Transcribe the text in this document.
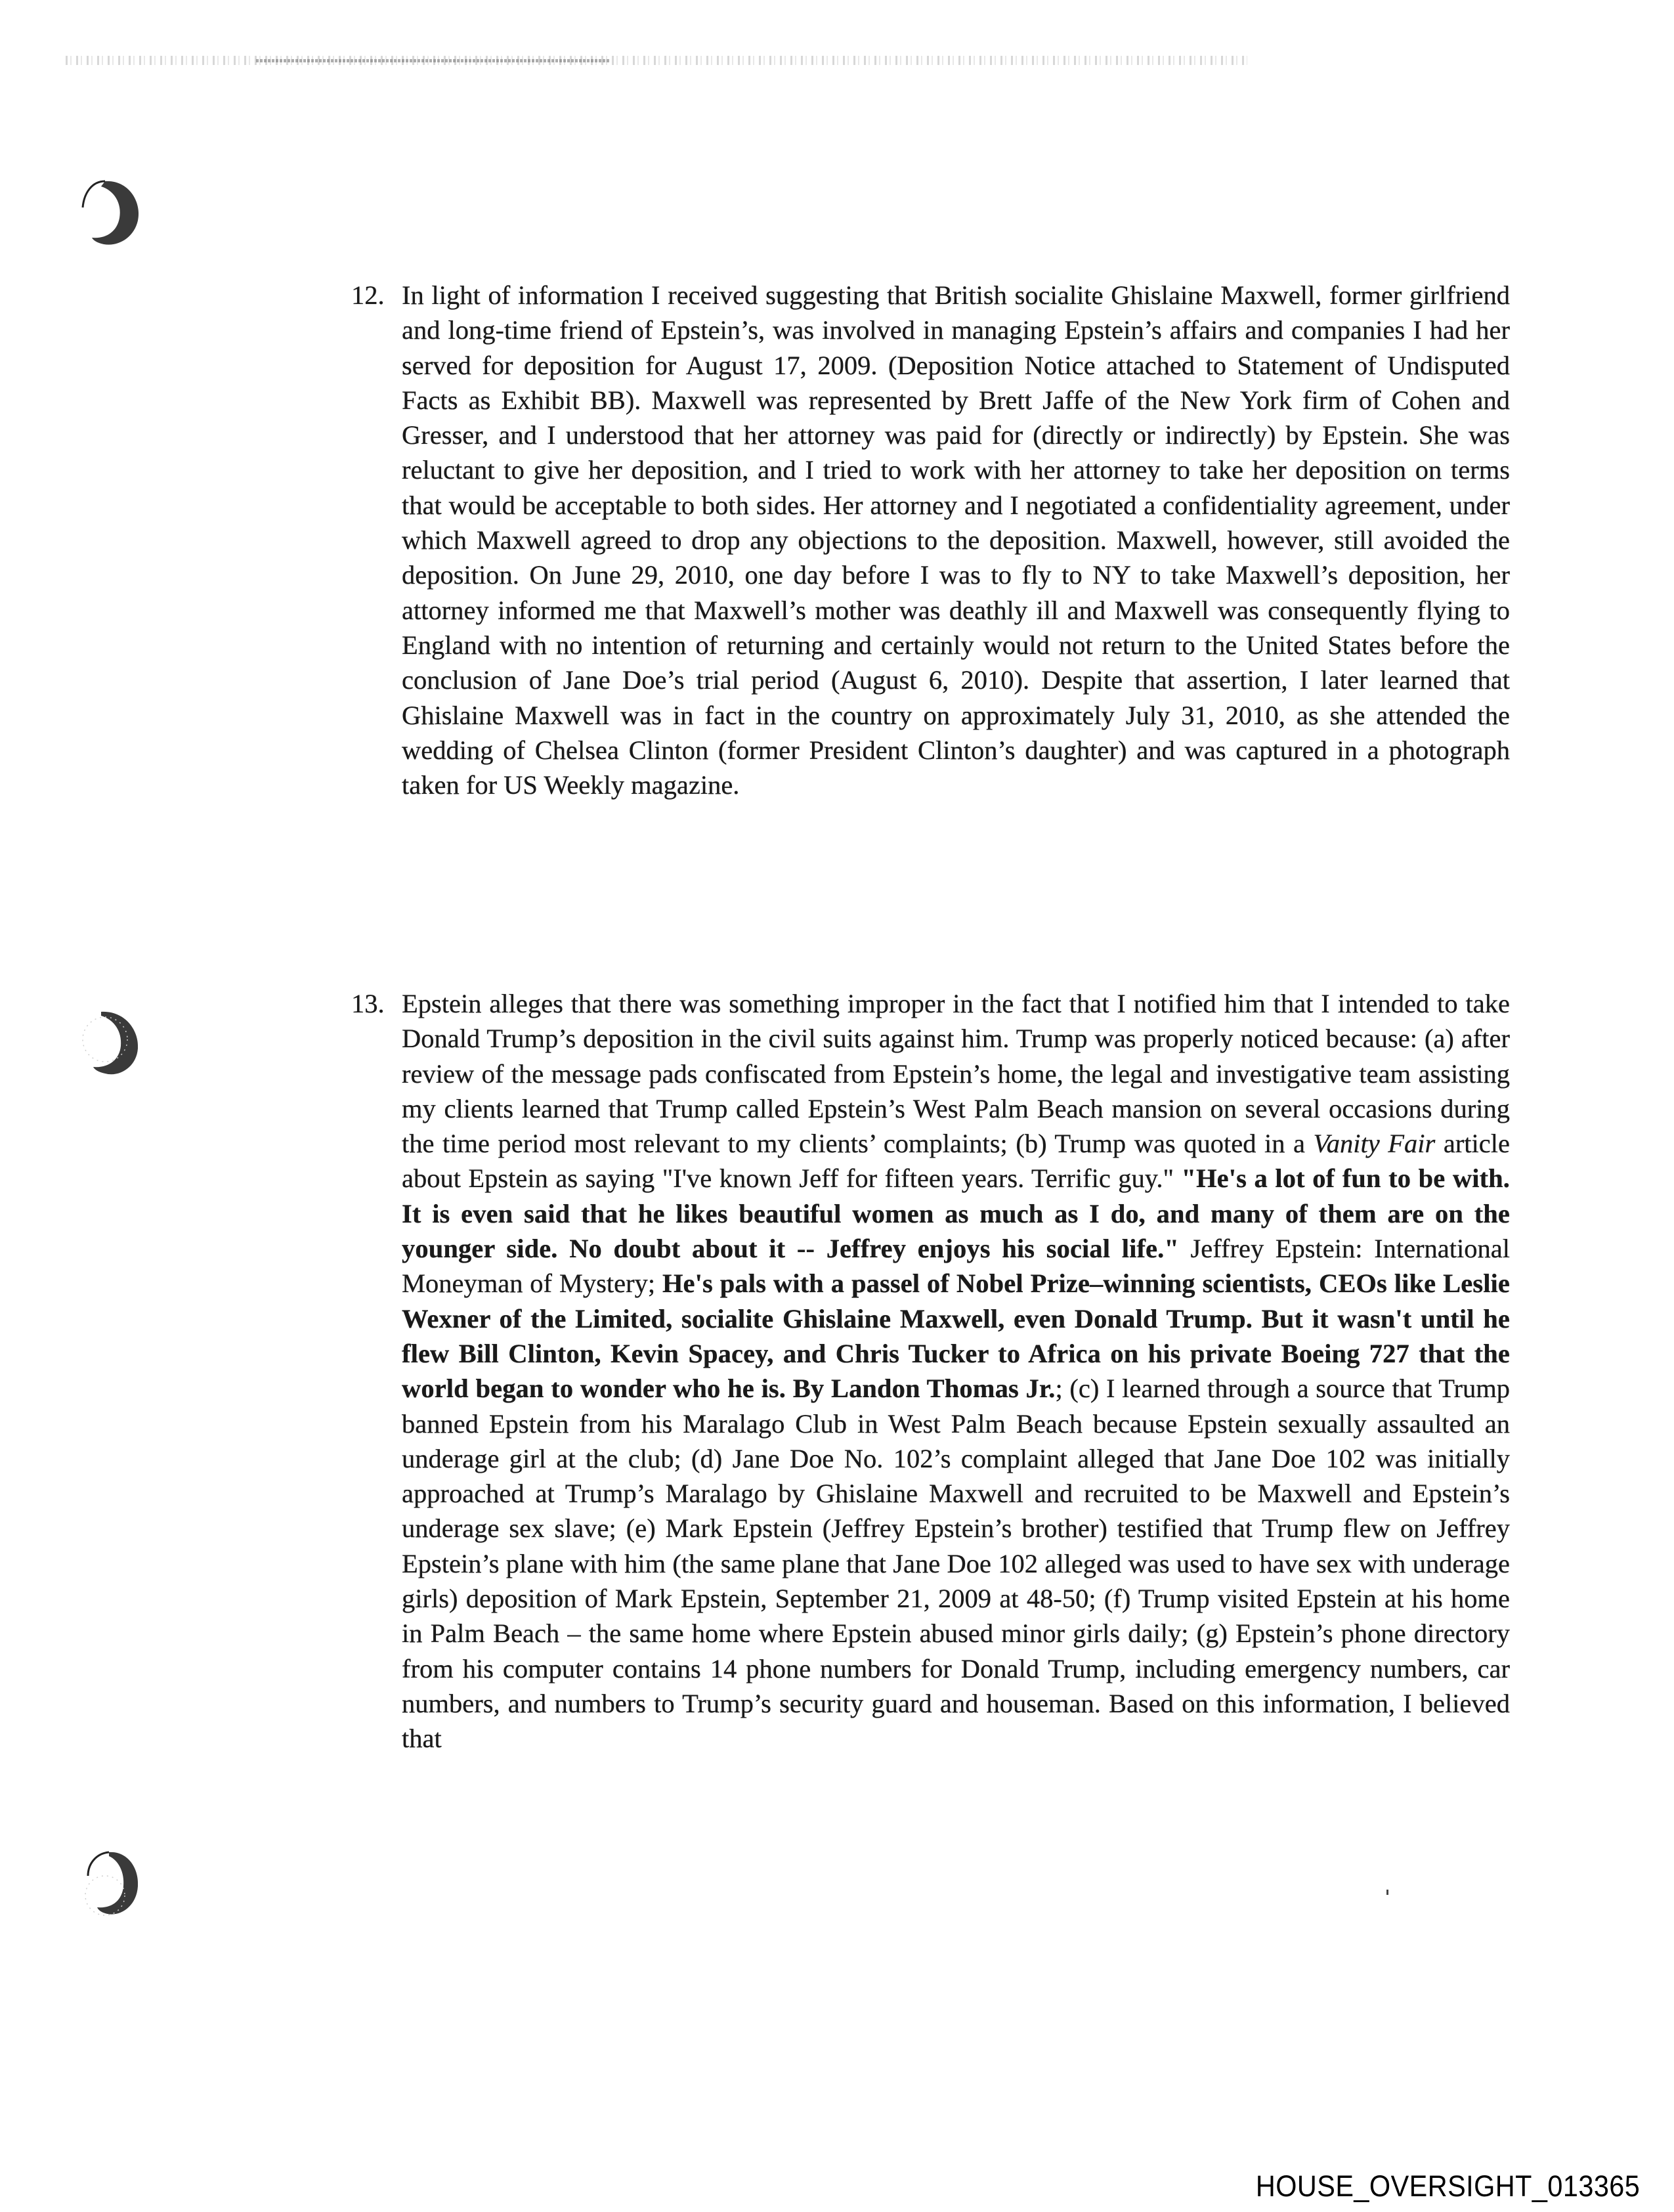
12. In light of information I received suggesting that British socialite Ghislaine Maxwell, former girlfriend and long-time friend of Epstein’s, was involved in managing Epstein’s affairs and companies I had her served for deposition for August 17, 2009. (Deposition Notice attached to Statement of Undisputed Facts as Exhibit BB). Maxwell was represented by Brett Jaffe of the New York firm of Cohen and Gresser, and I understood that her attorney was paid for (directly or indirectly) by Epstein. She was reluctant to give her deposition, and I tried to work with her attorney to take her deposition on terms that would be acceptable to both sides. Her attorney and I negotiated a confidentiality agreement, under which Maxwell agreed to drop any objections to the deposition. Maxwell, however, still avoided the deposition. On June 29, 2010, one day before I was to fly to NY to take Maxwell’s deposition, her attorney informed me that Maxwell’s mother was deathly ill and Maxwell was consequently flying to England with no intention of returning and certainly would not return to the United States before the conclusion of Jane Doe’s trial period (August 6, 2010). Despite that assertion, I later learned that Ghislaine Maxwell was in fact in the country on approximately July 31, 2010, as she attended the wedding of Chelsea Clinton (former President Clinton’s daughter) and was captured in a photograph taken for US Weekly magazine.
13. Epstein alleges that there was something improper in the fact that I notified him that I intended to take Donald Trump’s deposition in the civil suits against him. Trump was properly noticed because: (a) after review of the message pads confiscated from Epstein’s home, the legal and investigative team assisting my clients learned that Trump called Epstein’s West Palm Beach mansion on several occasions during the time period most relevant to my clients’ complaints; (b) Trump was quoted in a Vanity Fair article about Epstein as saying "I've known Jeff for fifteen years. Terrific guy." "He's a lot of fun to be with. It is even said that he likes beautiful women as much as I do, and many of them are on the younger side. No doubt about it -- Jeffrey enjoys his social life." Jeffrey Epstein: International Moneyman of Mystery; He's pals with a passel of Nobel Prize–winning scientists, CEOs like Leslie Wexner of the Limited, socialite Ghislaine Maxwell, even Donald Trump. But it wasn't until he flew Bill Clinton, Kevin Spacey, and Chris Tucker to Africa on his private Boeing 727 that the world began to wonder who he is. By Landon Thomas Jr.; (c) I learned through a source that Trump banned Epstein from his Maralago Club in West Palm Beach because Epstein sexually assaulted an underage girl at the club; (d) Jane Doe No. 102’s complaint alleged that Jane Doe 102 was initially approached at Trump’s Maralago by Ghislaine Maxwell and recruited to be Maxwell and Epstein’s underage sex slave; (e) Mark Epstein (Jeffrey Epstein’s brother) testified that Trump flew on Jeffrey Epstein’s plane with him (the same plane that Jane Doe 102 alleged was used to have sex with underage girls) deposition of Mark Epstein, September 21, 2009 at 48-50; (f) Trump visited Epstein at his home in Palm Beach – the same home where Epstein abused minor girls daily; (g) Epstein’s phone directory from his computer contains 14 phone numbers for Donald Trump, including emergency numbers, car numbers, and numbers to Trump’s security guard and houseman. Based on this information, I believed that
HOUSE_OVERSIGHT_013365
